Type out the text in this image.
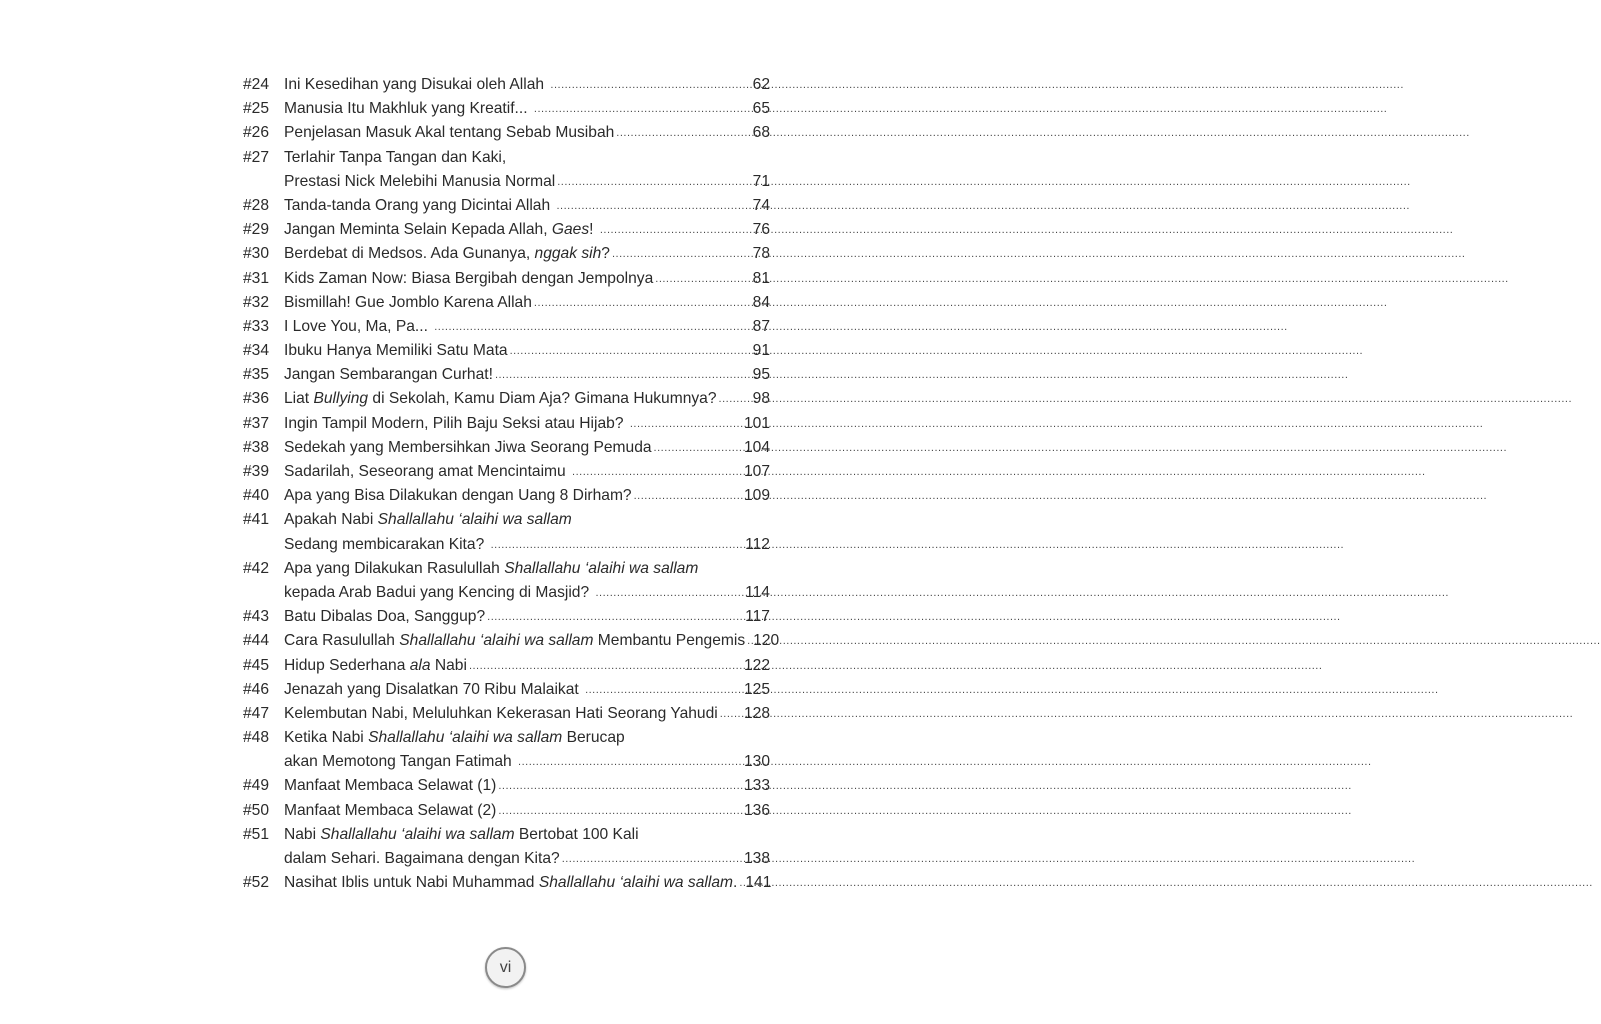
#24 Ini Kesedihan yang Disukai oleh Allah .....	62
#25 Manusia Itu Makhluk yang Kreatif... .....	65
#26 Penjelasan Masuk Akal tentang Sebab Musibah .....	68
#27 Terlahir Tanpa Tangan dan Kaki,
Prestasi Nick Melebihi Manusia Normal .....	71
#28 Tanda-tanda Orang yang Dicintai Allah .....	74
#29 Jangan Meminta Selain Kepada Allah, Gaes! .....	76
#30 Berdebat di Medsos. Ada Gunanya, nggak sih? .....	78
#31 Kids Zaman Now: Biasa Bergibah dengan Jempolnya .....	81
#32 Bismillah! Gue Jomblo Karena Allah .....	84
#33 I Love You, Ma, Pa... .....	87
#34 Ibuku Hanya Memiliki Satu Mata .....	91
#35 Jangan Sembarangan Curhat! .....	95
#36 Liat Bullying di Sekolah, Kamu Diam Aja? Gimana Hukumnya? ..... 98
#37 Ingin Tampil Modern, Pilih Baju Seksi atau Hijab? .....	101
#38 Sedekah yang Membersihkan Jiwa Seorang Pemuda .....	104
#39 Sadarilah, Seseorang amat Mencintaimu .....	107
#40 Apa yang Bisa Dilakukan dengan Uang 8 Dirham? .....	109
#41 Apakah Nabi Shallallahu ‘alaihi wa sallam
Sedang membicarakan Kita? .....	112
#42 Apa yang Dilakukan Rasulullah Shallallahu ‘alaihi wa sallam
kepada Arab Badui yang Kencing di Masjid? .....	114
#43 Batu Dibalas Doa, Sanggup? .....	117
#44 Cara Rasulullah Shallallahu ‘alaihi wa sallam Membantu Pengemis ..... 120
#45 Hidup Sederhana ala Nabi .....	122
#46 Jenazah yang Disalatkan 70 Ribu Malaikat .....	125
#47 Kelembutan Nabi, Meluluhkan Kekerasan Hati Seorang Yahudi ..... 128
#48 Ketika Nabi Shallallahu ‘alaihi wa sallam Berucap
akan Memotong Tangan Fatimah .....	130
#49 Manfaat Membaca Selawat (1) .....	133
#50 Manfaat Membaca Selawat (2) .....	136
#51 Nabi Shallallahu ‘alaihi wa sallam Bertobat 100 Kali
dalam Sehari. Bagaimana dengan Kita? .....	138
#52 Nasihat Iblis untuk Nabi Muhammad Shallallahu ‘alaihi wa sallam. ..... 141
vi
